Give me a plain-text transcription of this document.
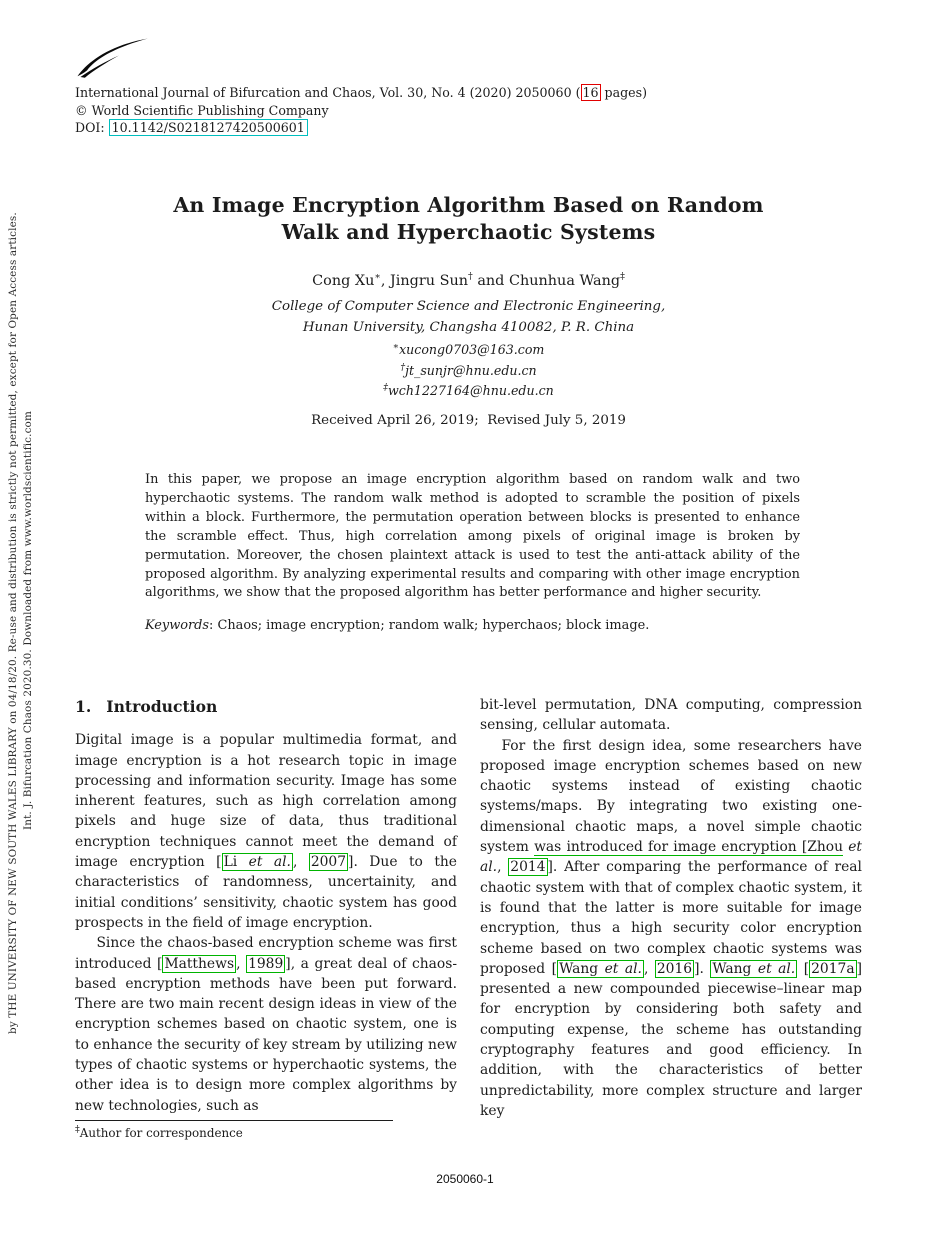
Int. J. Bifurcation Chaos 2020.30. Downloaded from www.worldscientific.com
by THE UNIVERSITY OF NEW SOUTH WALES LIBRARY on 04/18/20. Re-use and distribution is strictly not permitted, except for Open Access articles.
International Journal of Bifurcation and Chaos, Vol. 30, No. 4 (2020) 2050060 ( 16 pages)
© World Scientific Publishing Company
DOI: 10.1142/S0218127420500601
An Image Encryption Algorithm Based on Random
Walk and Hyperchaotic Systems
Cong Xu∗, Jingru Sun† and Chunhua Wang‡
College of Computer Science and Electronic Engineering,
Hunan University, Changsha 410082, P. R. China
∗xucong0703@163.com
†jt_sunjr@hnu.edu.cn
‡wch1227164@hnu.edu.cn
Received April 26, 2019;  Revised July 5, 2019
In this paper, we propose an image encryption algorithm based on random walk and two hyperchaotic systems. The random walk method is adopted to scramble the position of pixels within a block. Furthermore, the permutation operation between blocks is presented to enhance the scramble effect. Thus, high correlation among pixels of original image is broken by permutation. Moreover, the chosen plaintext attack is used to test the anti-attack ability of the proposed algorithm. By analyzing experimental results and comparing with other image encryption algorithms, we show that the proposed algorithm has better performance and higher security.
Keywords: Chaos; image encryption; random walk; hyperchaos; block image.
1. Introduction

Digital image is a popular multimedia format, and image encryption is a hot research topic in image processing and information security. Image has some inherent features, such as high correlation among pixels and huge size of data, thus traditional encryption techniques cannot meet the demand of image encryption [ Li et al. , 2007 ]. Due to the characteristics of randomness, uncertainity, and initial conditions’ sensitivity, chaotic system has good prospects in the field of image encryption.

Since the chaos-based encryption scheme was first introduced [ Matthews , 1989 ], a great deal of chaos-based encryption methods have been put forward. There are two main recent design ideas in view of the encryption schemes based on chaotic system, one is to enhance the security of key stream by utilizing new types of chaotic systems or hyperchaotic systems, the other idea is to design more complex algorithms by new technologies, such as

bit-level permutation, DNA computing, compression sensing, cellular automata.

For the first design idea, some researchers have proposed image encryption schemes based on new chaotic systems instead of existing chaotic systems/maps. By integrating two existing one-dimensional chaotic maps, a novel simple chaotic system was introduced for image encryption [Zhou et al., 2014 ]. After comparing the performance of real chaotic system with that of complex chaotic system, it is found that the latter is more suitable for image encryption, thus a high security color encryption scheme based on two complex chaotic systems was proposed [ Wang et al. , 2016 ]. Wang et al. [ 2017a ] presented a new compounded piecewise–linear map for encryption by considering both safety and computing expense, the scheme has outstanding cryptography features and good efficiency. In addition, with the characteristics of better unpredictability, more complex structure and larger key

‡Author for correspondence
2050060-1
